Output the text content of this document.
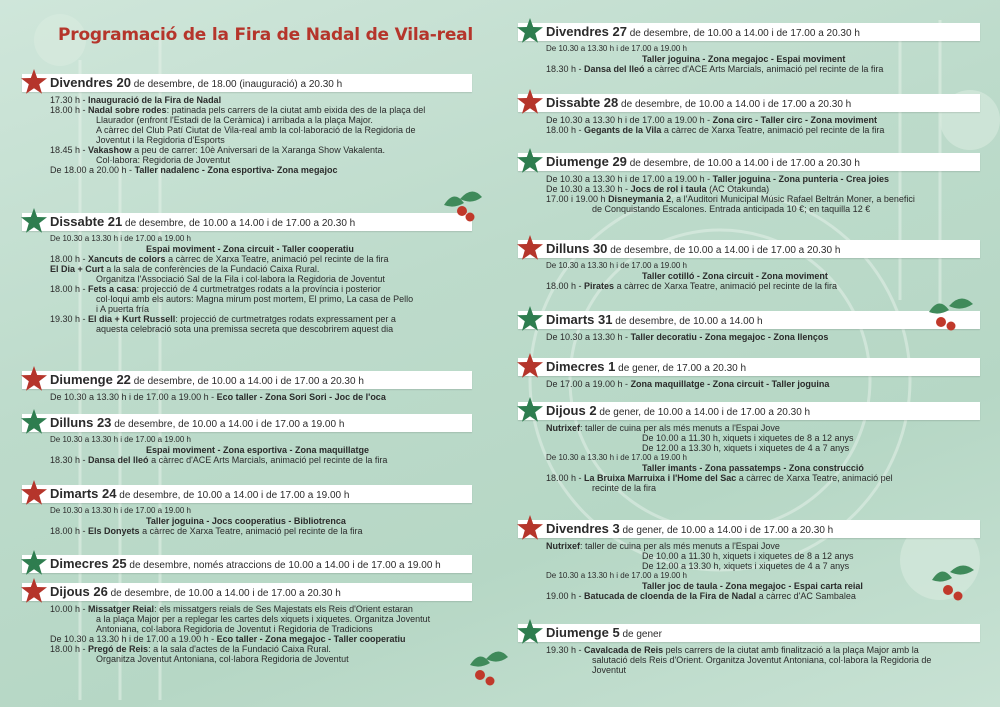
Programació de la Fira de Nadal de Vila-real
Divendres 20 de desembre, de 18.00 (inauguració) a 20.30 h
17.30 h - Inauguració de la Fira de Nadal
18.00 h - Nadal sobre rodes: patinada pels carrers de la ciutat amb eixida des de la plaça del
Llaurador (enfront l'Estadi de la Ceràmica) i arribada a la plaça Major.
A càrrec del Club Patí Ciutat de Vila-real amb la col·laboració de la Regidoria de
Joventut i la Regidoria d'Esports
18.45 h - Vakashow a peu de carrer: 10è Aniversari de la Xaranga Show Vakalenta.
Col·labora: Regidoria de Joventut
De 18.00 a 20.00 h - Taller nadalenc - Zona esportiva- Zona megajoc
Dissabte 21 de desembre, de 10.00 a 14.00 i de 17.00 a 20.30 h
De 10.30 a 13.30 h i de 17.00 a 19.00 h
Espai moviment - Zona circuit - Taller cooperatiu
18.00 h - Xancuts de colors a càrrec de Xarxa Teatre, animació pel recinte de la fira
El Dia + Curt a la sala de conferències de la Fundació Caixa Rural.
Organitza l'Associació Sal de la Fila i col·labora la Regidoria de Joventut
18.00 h - Fets a casa: projecció de 4 curtmetratges rodats a la província i posterior
col·loqui amb els autors: Magna mirum post mortem, El primo, La casa de Pello
i A puerta fría
19.30 h - El dia + Kurt Russell: projecció de curtmetratges rodats expressament per a
aquesta celebració sota una premissa secreta que descobrirem aquest dia
Diumenge 22 de desembre, de 10.00 a 14.00 i de 17.00 a 20.30 h
De 10.30 a 13.30 h i de 17.00 a 19.00 h - Eco taller - Zona Sori Sori - Joc de l'oca
Dilluns 23 de desembre, de 10.00 a 14.00 i de 17.00 a 19.00 h
De 10.30 a 13.30 h i de 17.00 a 19.00 h
Espai moviment - Zona esportiva - Zona maquillatge
18.30 h - Dansa del lleó a càrrec d'ACE Arts Marcials, animació pel recinte de la fira
Dimarts 24 de desembre, de 10.00 a 14.00 i de 17.00 a 19.00 h
De 10.30 a 13.30 h i de 17.00 a 19.00 h
Taller joguina - Jocs cooperatius - Bibliotrenca
18.00 h - Els Donyets a càrrec de Xarxa Teatre, animació pel recinte de la fira
Dimecres 25 de desembre, només atraccions de 10.00 a 14.00 i de 17.00 a 19.00 h
Dijous 26 de desembre, de 10.00 a 14.00 i de 17.00 a 20.30 h
10.00 h - Missatger Reial: els missatgers reials de Ses Majestats els Reis d'Orient estaran
a la plaça Major per a replegar les cartes dels xiquets i xiquetes. Organitza Joventut
Antoniana, col·labora Regidoria de Joventut i Regidoria de Tradicions
De 10.30 a 13.30 h i de 17.00 a 19.00 h - Eco taller - Zona megajoc - Taller cooperatiu
18.00 h - Pregó de Reis: a la sala d'actes de la Fundació Caixa Rural.
Organitza Joventut Antoniana, col·labora Regidoria de Joventut
Divendres 27 de desembre, de 10.00 a 14.00 i de 17.00 a 20.30 h
De 10.30 a 13.30 h i de 17.00 a 19.00 h
Taller joguina - Zona megajoc - Espai moviment
18.30 h - Dansa del lleó a càrrec d'ACE Arts Marcials, animació pel recinte de la fira
Dissabte 28 de desembre, de 10.00 a 14.00 i de 17.00 a 20.30 h
De 10.30 a 13.30 h i de 17.00 a 19.00 h - Zona circ - Taller circ - Zona moviment
18.00 h - Gegants de la Vila a càrrec de Xarxa Teatre, animació pel recinte de la fira
Diumenge 29 de desembre, de 10.00 a 14.00 i de 17.00 a 20.30 h
De 10.30 a 13.30 h i de 17.00 a 19.00 h - Taller joguina - Zona punteria - Crea joies
De 10.30 a 13.30 h - Jocs de rol i taula (AC Otakunda)
17.00 i 19.00 h Disneymania 2, a l'Auditori Municipal Músic Rafael Beltrán Moner, a benefici
de Conquistando Escalones. Entrada anticipada 10 €; en taquilla 12 €
Dilluns 30 de desembre, de 10.00 a 14.00 i de 17.00 a 20.30 h
De 10.30 a 13.30 h i de 17.00 a 19.00 h
Taller cotilló - Zona circuit - Zona moviment
18.00 h - Pirates a càrrec de Xarxa Teatre, animació pel recinte de la fira
Dimarts 31 de desembre, de 10.00 a 14.00 h
De 10.30 a 13.30 h - Taller decoratiu - Zona megajoc - Zona llenços
Dimecres 1 de gener, de 17.00 a 20.30 h
De 17.00 a 19.00 h - Zona maquillatge - Zona circuit - Taller joguina
Dijous 2 de gener, de 10.00 a 14.00 i de 17.00 a 20.30 h
Nutrixef: taller de cuina per als més menuts a l'Espai Jove
De 10.00 a 11.30 h, xiquets i xiquetes de 8 a 12 anys
De 12.00 a 13.30 h, xiquets i xiquetes de 4 a 7 anys
De 10.30 a 13.30 h i de 17.00 a 19.00 h
Taller imants - Zona passatemps - Zona construcció
18.00 h - La Bruixa Marruixa i l'Home del Sac a càrrec de Xarxa Teatre, animació pel
recinte de la fira
Divendres 3 de gener, de 10.00 a 14.00 i de 17.00 a 20.30 h
Nutrixef: taller de cuina per als més menuts a l'Espai Jove
De 10.00 a 11.30 h, xiquets i xiquetes de 8 a 12 anys
De 12.00 a 13.30 h, xiquets i xiquetes de 4 a 7 anys
De 10.30 a 13.30 h i de 17.00 a 19.00 h
Taller joc de taula - Zona megajoc - Espai carta reial
19.00 h - Batucada de cloenda de la Fira de Nadal a càrrec d'AC Sambalea
Diumenge 5 de gener
19.30 h - Cavalcada de Reis pels carrers de la ciutat amb finalització a la plaça Major amb la
salutació dels Reis d'Orient. Organitza Joventut Antoniana, col·labora la Regidoria de
Joventut
